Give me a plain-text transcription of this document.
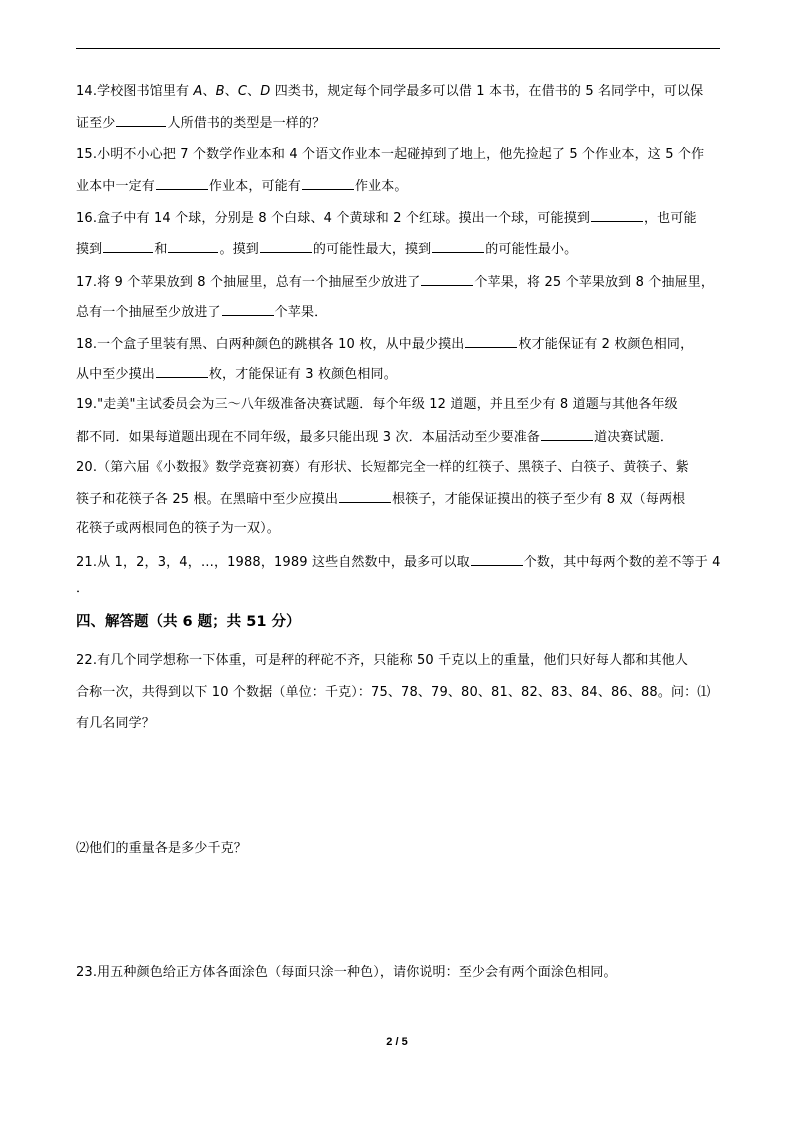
14.学校图书馆里有 A、B、C、D 四类书，规定每个同学最多可以借 1 本书，在借书的 5 名同学中，可以保
证至少	人所借书的类型是一样的？
15.小明不小心把 7 个数学作业本和 4 个语文作业本一起碰掉到了地上，他先捡起了 5 个作业本，这 5 个作
业本中一定有	作业本，可能有	作业本。
16.盒子中有 14 个球，分别是 8 个白球、4 个黄球和 2 个红球。摸出一个球，可能摸到	，也可能
摸到	和	。摸到	的可能性最大，摸到	的可能性最小。
17.将 9 个苹果放到 8 个抽屉里，总有一个抽屉至少放进了	个苹果，将 25 个苹果放到 8 个抽屉里，
总有一个抽屉至少放进了	个苹果．
18.一个盒子里装有黑、白两种颜色的跳棋各 10 枚，从中最少摸出	枚才能保证有 2 枚颜色相同，
从中至少摸出	枚，才能保证有 3 枚颜色相同。
19."走美"主试委员会为三～八年级准备决赛试题．每个年级 12 道题，并且至少有 8 道题与其他各年级
都不同．如果每道题出现在不同年级，最多只能出现 3 次．本届活动至少要准备	道决赛试题．
20.（第六届《小数报》数学竞赛初赛）有形状、长短都完全一样的红筷子、黑筷子、白筷子、黄筷子、紫
筷子和花筷子各 25 根。在黑暗中至少应摸出	根筷子，才能保证摸出的筷子至少有 8 双（每两根
花筷子或两根同色的筷子为一双）。
21.从 1，2，3，4，…，1988，1989 这些自然数中，最多可以取	个数，其中每两个数的差不等于 4
．
四、解答题（共 6 题；共 51 分）
22.有几个同学想称一下体重，可是秤的秤砣不齐，只能称 50 千克以上的重量，他们只好每人都和其他人
合称一次，共得到以下 10 个数据（单位：千克）：75、78、79、80、81、82、83、84、86、88。问：⑴
有几名同学？
⑵他们的重量各是多少千克？
23.用五种颜色给正方体各面涂色（每面只涂一种色），请你说明：至少会有两个面涂色相同。
2 / 5
